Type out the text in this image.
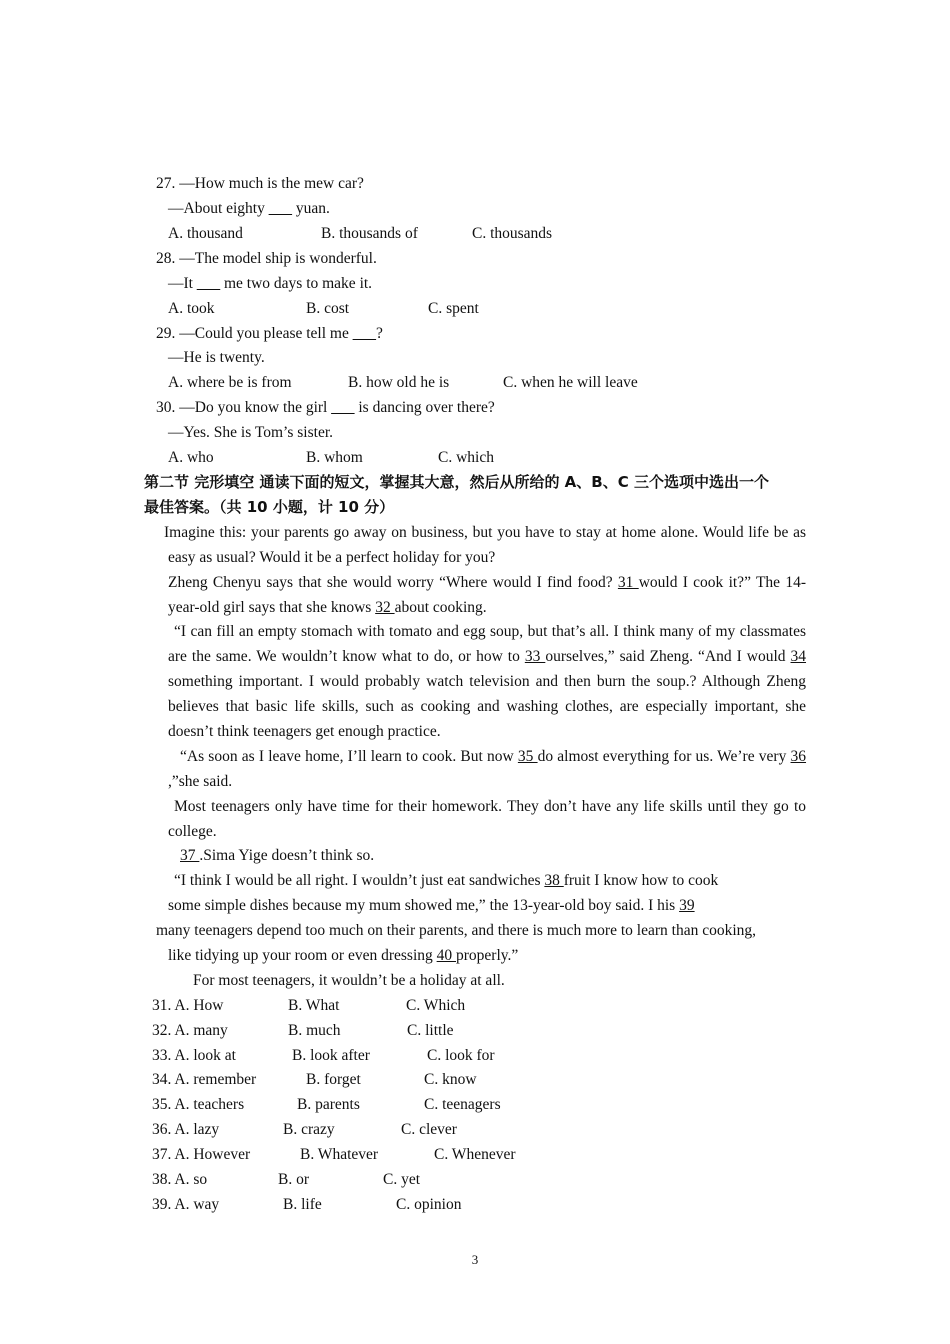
27. —How much is the mew car?
—About eighty ___ yuan.
A. thousand	B. thousands of	C. thousands
28. —The model ship is wonderful.
—It ___ me two days to make it.
A. took	B. cost	C. spent
29. —Could you please tell me ___?
—He is twenty.
A. where be is from	B. how old he is	C. when he will leave
30. —Do you know the girl ___ is dancing over there?
—Yes. She is Tom’s sister.
A. who	B. whom	C. which
第二节 完形填空 通读下面的短文，掌握其大意，然后从所给的 A、B、C 三个选项中选出一个
最佳答案。（共 10 小题，计 10 分）
Imagine this: your parents go away on business, but you have to stay at home alone. Would life be as easy as usual? Would it be a perfect holiday for you?
Zheng Chenyu says that she would worry “Where would I find food? 31 would I cook it?” The 14-year-old girl says that she knows 32 about cooking.
“I can fill an empty stomach with tomato and egg soup, but that’s all. I think many of my classmates are the same. We wouldn’t know what to do, or how to 33 ourselves,” said Zheng. “And I would 34 something important. I would probably watch television and then burn the soup.? Although Zheng believes that basic life skills, such as cooking and washing clothes, are especially important, she doesn’t think teenagers get enough practice.
“As soon as I leave home, I’ll learn to cook. But now 35 do almost everything for us. We’re very 36 ,”she said.
Most teenagers only have time for their homework. They don’t have any life skills until they go to college.
37 .Sima Yige doesn’t think so.
“I think I would be all right. I wouldn’t just eat sandwiches 38 fruit I know how to cook
some simple dishes because my mum showed me,” the 13-year-old boy said. I his 39
many teenagers depend too much on their parents, and there is much more to learn than cooking,
like tidying up your room or even dressing 40 properly.”
For most teenagers, it wouldn’t be a holiday at all.
31. A. How	B. What	C. Which
32. A. many	B. much	C. little
33. A. look at	B. look after	C. look for
34. A. remember	B. forget	C. know
35. A. teachers	B. parents	C. teenagers
36. A. lazy	B. crazy	C. clever
37. A. However	B. Whatever	C. Whenever
38. A. so	B. or	C. yet
39. A. way	B. life	C. opinion
3
